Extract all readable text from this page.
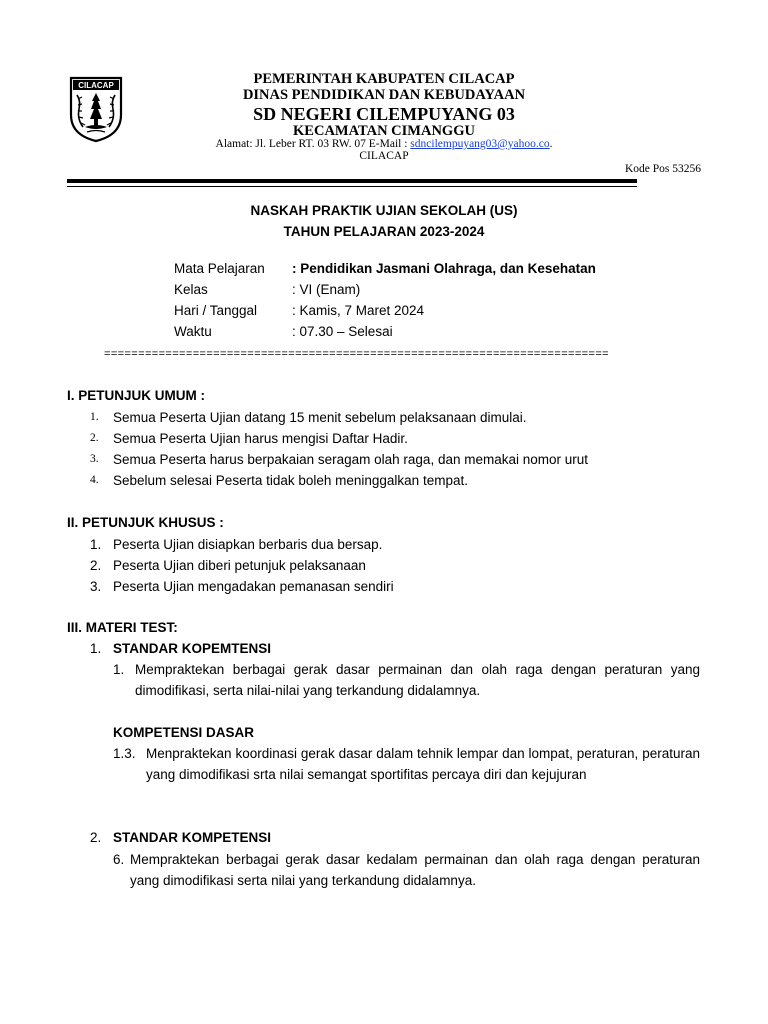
CILACAP	PEMERINTAH KABUPATEN CILACAP
DINAS PENDIDIKAN DAN KEBUDAYAAN
SD NEGERI CILEMPUYANG 03
KECAMATAN CIMANGGU
Alamat: Jl. Leber RT. 03 RW. 07 E-Mail : sdncilempuyang03@yahoo.co.
CILACAP
Kode Pos 53256
NASKAH PRAKTIK UJIAN SEKOLAH (US)
TAHUN PELAJARAN 2023-2024
Mata Pelajaran : Pendidikan Jasmani Olahraga, dan Kesehatan
Kelas	: VI (Enam)
Hari / Tanggal	: Kamis, 7 Maret 2024
Waktu	: 07.30 – Selesai
==========================================================================
I. PETUNJUK UMUM :
1. Semua Peserta Ujian datang 15 menit sebelum pelaksanaan dimulai.
2. Semua Peserta Ujian harus mengisi Daftar Hadir.
3. Semua Peserta harus berpakaian seragam olah raga, dan memakai nomor urut
4. Sebelum selesai Peserta tidak boleh meninggalkan tempat.
II. PETUNJUK KHUSUS :
1. Peserta Ujian disiapkan berbaris dua bersap.
2. Peserta Ujian diberi petunjuk pelaksanaan
3. Peserta Ujian mengadakan pemanasan sendiri
III. MATERI TEST:
1. STANDAR KOPEMTENSI
1. Mempraktekan berbagai gerak dasar permainan dan olah raga dengan peraturan yang dimodifikasi, serta nilai-nilai yang terkandung didalamnya.
KOMPETENSI DASAR
1.3. Menpraktekan koordinasi gerak dasar dalam tehnik lempar dan lompat, peraturan, peraturan yang dimodifikasi srta nilai semangat sportifitas percaya diri dan kejujuran
2. STANDAR KOMPETENSI
6. Mempraktekan berbagai gerak dasar kedalam permainan dan olah raga dengan peraturan yang dimodifikasi serta nilai yang terkandung didalamnya.
